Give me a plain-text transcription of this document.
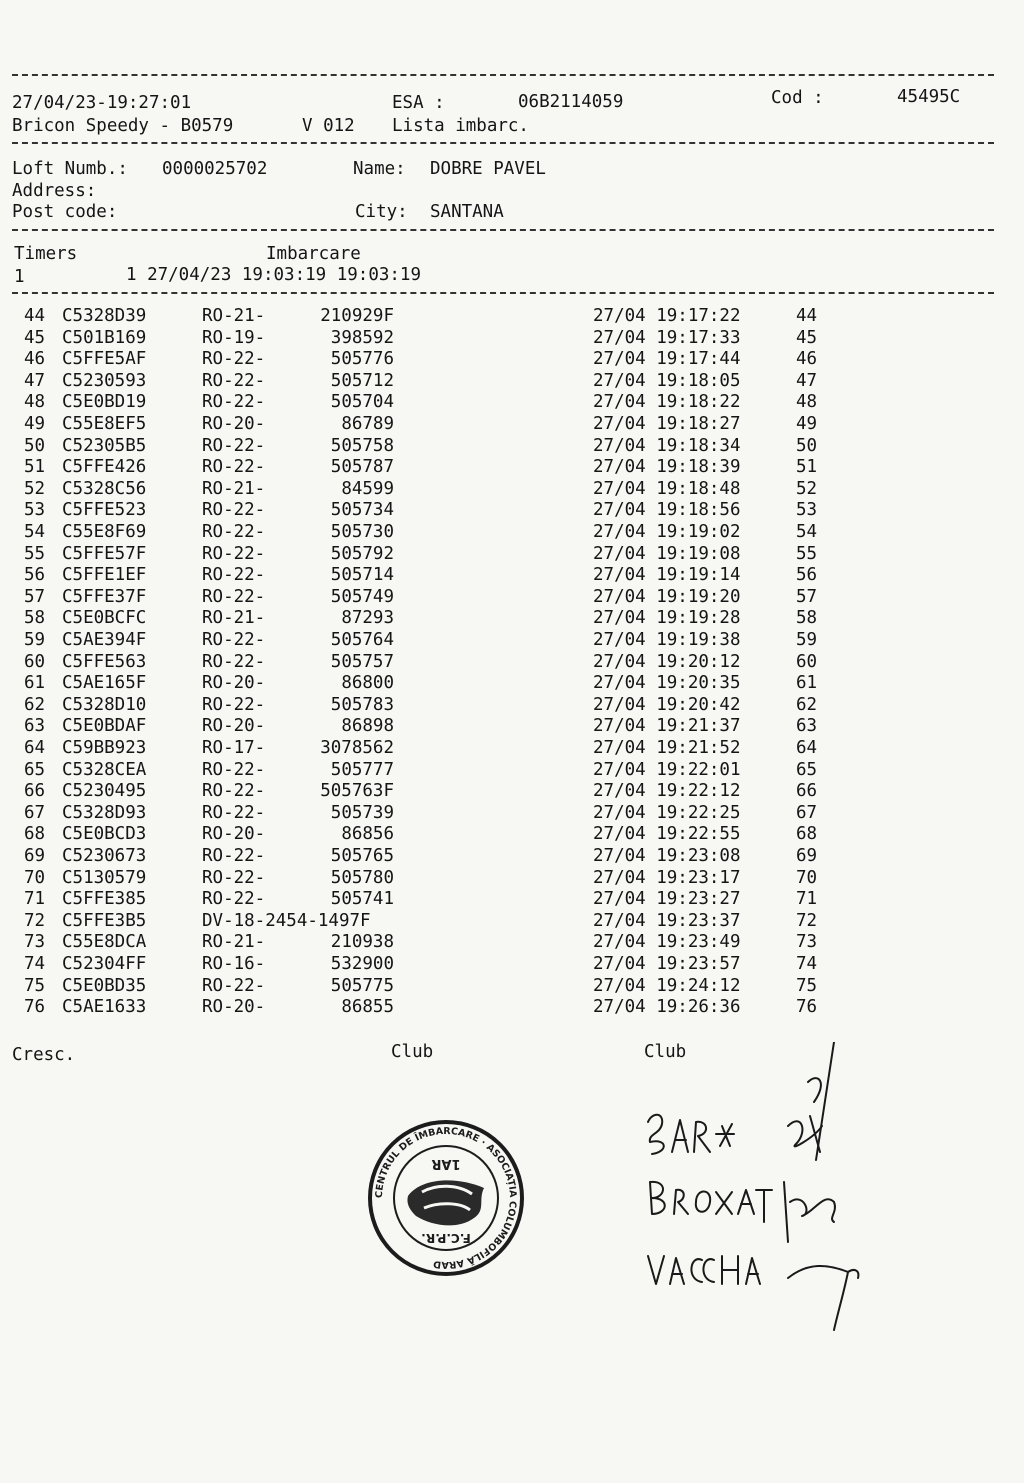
27/04/23-19:27:01	ESA :	06B2114059	Cod :	45495C
Bricon Speedy - B0579	V 012 Lista imbarc.
Loft Numb.: 0000025702	Name: DOBRE PAVEL
Address:
Post code:	City: SANTANA
Timers	Imbarcare
1	1 27/04/23 19:03:19 19:03:19
44 C5328D39	RO-21-	210929F	27/04 19:17:22	44
45 C501B169	RO-19-	398592	27/04 19:17:33	45
46 C5FFE5AF	RO-22-	505776	27/04 19:17:44	46
47 C5230593	RO-22-	505712	27/04 19:18:05	47
48 C5E0BD19	RO-22-	505704	27/04 19:18:22	48
49 C55E8EF5	RO-20-	86789	27/04 19:18:27	49
50 C52305B5	RO-22-	505758	27/04 19:18:34	50
51 C5FFE426	RO-22-	505787	27/04 19:18:39	51
52 C5328C56	RO-21-	84599	27/04 19:18:48	52
53 C5FFE523	RO-22-	505734	27/04 19:18:56	53
54 C55E8F69	RO-22-	505730	27/04 19:19:02	54
55 C5FFE57F	RO-22-	505792	27/04 19:19:08	55
56 C5FFE1EF	RO-22-	505714	27/04 19:19:14	56
57 C5FFE37F	RO-22-	505749	27/04 19:19:20	57
58 C5E0BCFC	RO-21-	87293	27/04 19:19:28	58
59 C5AE394F	RO-22-	505764	27/04 19:19:38	59
60 C5FFE563	RO-22-	505757	27/04 19:20:12	60
61 C5AE165F	RO-20-	86800	27/04 19:20:35	61
62 C5328D10	RO-22-	505783	27/04 19:20:42	62
63 C5E0BDAF	RO-20-	86898	27/04 19:21:37	63
64 C59BB923	RO-17-	3078562	27/04 19:21:52	64
65 C5328CEA	RO-22-	505777	27/04 19:22:01	65
66 C5230495	RO-22-	505763F	27/04 19:22:12	66
67 C5328D93	RO-22-	505739	27/04 19:22:25	67
68 C5E0BCD3	RO-20-	86856	27/04 19:22:55	68
69 C5230673	RO-22-	505765	27/04 19:23:08	69
70 C5130579	RO-22-	505780	27/04 19:23:17	70
71 C5FFE385	RO-22-	505741	27/04 19:23:27	71
72 C5FFE3B5	DV-18-2454-1497F	27/04 19:23:37	72
73 C55E8DCA	RO-21-	210938	27/04 19:23:49	73
74 C52304FF	RO-16-	532900	27/04 19:23:57	74
75 C5E0BD35	RO-22-	505775	27/04 19:24:12	75
76 C5AE1633	RO-20-	86855	27/04 19:26:36	76
Cresc.	Club	Club
1AR
F.C.P.R.
CENTRUL DE ÎMBARCARE · ASOCIAȚIA COLUMBOFILĂ ARAD
BARA
BROXAT
VACCHA
